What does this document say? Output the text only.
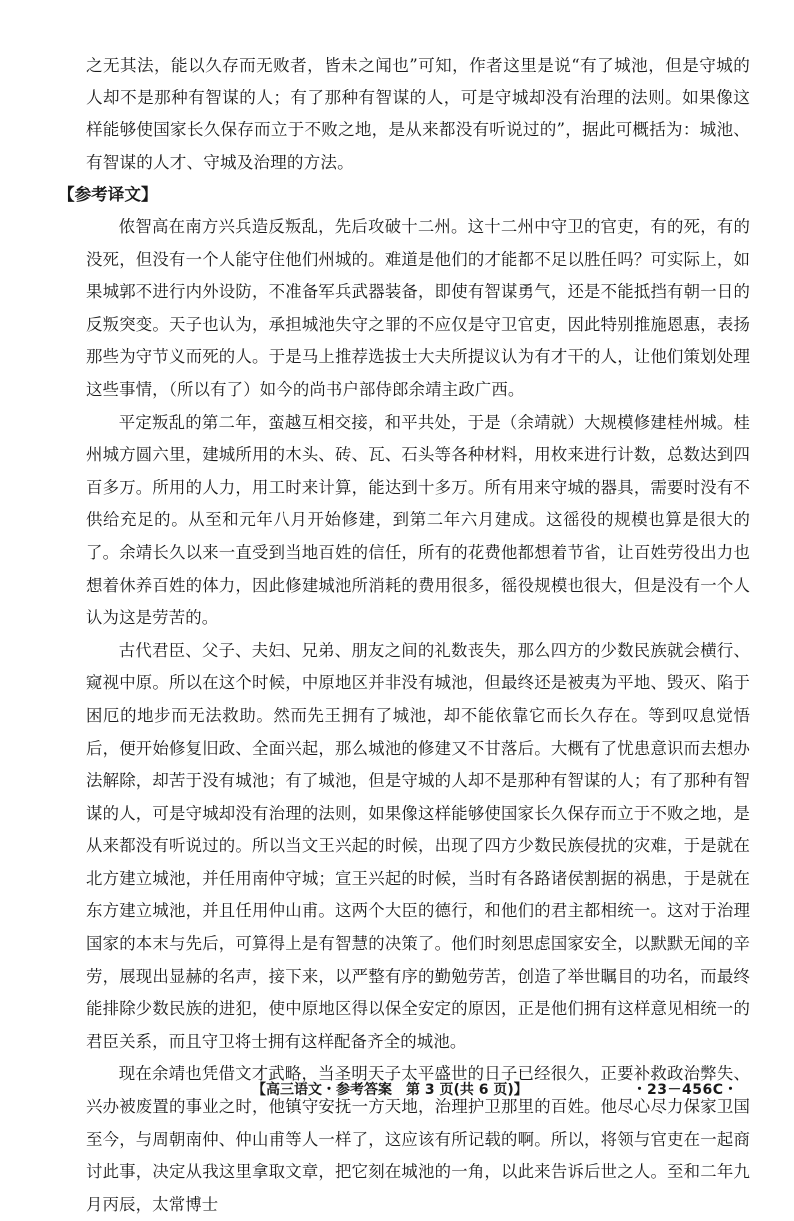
之无其法，能以久存而无败者，皆未之闻也”可知，作者这里是说“有了城池，但是守城的人却不是那种有智谋的人；有了那种有智谋的人，可是守城却没有治理的法则。如果像这样能够使国家长久保存而立于不败之地，是从来都没有听说过的”，据此可概括为：城池、有智谋的人才、守城及治理的方法。

【参考译文】

侬智高在南方兴兵造反叛乱，先后攻破十二州。这十二州中守卫的官吏，有的死，有的没死，但没有一个人能守住他们州城的。难道是他们的才能都不足以胜任吗？可实际上，如果城郭不进行内外设防，不准备军兵武器装备，即使有智谋勇气，还是不能抵挡有朝一日的反叛突变。天子也认为，承担城池失守之罪的不应仅是守卫官吏，因此特别推施恩惠，表扬那些为守节义而死的人。于是马上推荐选拔士大夫所提议认为有才干的人，让他们策划处理这些事情，（所以有了）如今的尚书户部侍郎余靖主政广西。

平定叛乱的第二年，蛮越互相交接，和平共处，于是（余靖就）大规模修建桂州城。桂州城方圆六里，建城所用的木头、砖、瓦、石头等各种材料，用枚来进行计数，总数达到四百多万。所用的人力，用工时来计算，能达到十多万。所有用来守城的器具，需要时没有不供给充足的。从至和元年八月开始修建，到第二年六月建成。这徭役的规模也算是很大的了。余靖长久以来一直受到当地百姓的信任，所有的花费他都想着节省，让百姓劳役出力也想着休养百姓的体力，因此修建城池所消耗的费用很多，徭役规模也很大，但是没有一个人认为这是劳苦的。

古代君臣、父子、夫妇、兄弟、朋友之间的礼数丧失，那么四方的少数民族就会横行、窥视中原。所以在这个时候，中原地区并非没有城池，但最终还是被夷为平地、毁灭、陷于困厄的地步而无法救助。然而先王拥有了城池，却不能依靠它而长久存在。等到叹息觉悟后，便开始修复旧政、全面兴起，那么城池的修建又不甘落后。大概有了忧患意识而去想办法解除，却苦于没有城池；有了城池，但是守城的人却不是那种有智谋的人；有了那种有智谋的人，可是守城却没有治理的法则，如果像这样能够使国家长久保存而立于不败之地，是从来都没有听说过的。所以当文王兴起的时候，出现了四方少数民族侵扰的灾难，于是就在北方建立城池，并任用南仲守城；宣王兴起的时候，当时有各路诸侯割据的祸患，于是就在东方建立城池，并且任用仲山甫。这两个大臣的德行，和他们的君主都相统一。这对于治理国家的本末与先后，可算得上是有智慧的决策了。他们时刻思虑国家安全，以默默无闻的辛劳，展现出显赫的名声，接下来，以严整有序的勤勉劳苦，创造了举世瞩目的功名，而最终能排除少数民族的进犯，使中原地区得以保全安定的原因，正是他们拥有这样意见相统一的君臣关系，而且守卫将士拥有这样配备齐全的城池。

现在余靖也凭借文才武略，当圣明天子太平盛世的日子已经很久，正要补救政治弊失、兴办被废置的事业之时，他镇守安抚一方天地，治理护卫那里的百姓。他尽心尽力保家卫国至今，与周朝南仲、仲山甫等人一样了，这应该有所记载的啊。所以，将领与官吏在一起商讨此事，决定从我这里拿取文章，把它刻在城池的一角，以此来告诉后世之人。至和二年九月丙辰，太常博士

【高三语文・参考答案　第 3 页(共 6 页)】	・23－456C・
